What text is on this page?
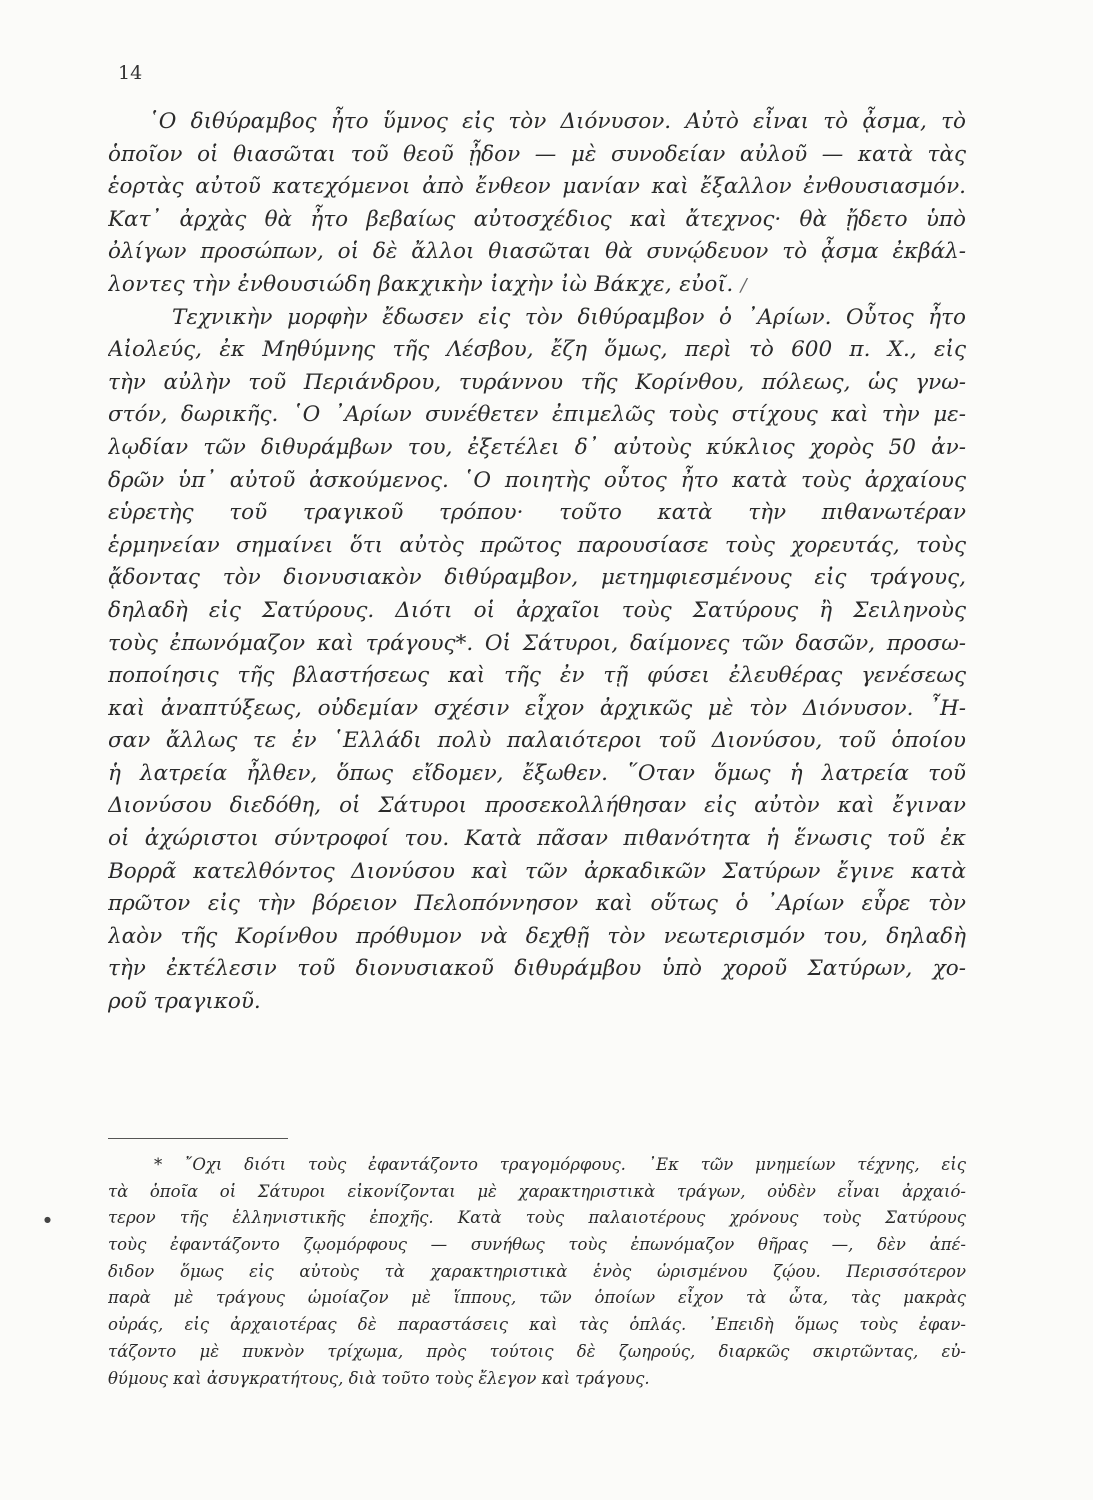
14
῾Ο διθύραμβος ἦτο ὕμνος εἰς τὸν Διόνυσον. Αὐτὸ εἶναι τὸ ᾆσμα, τὸ
ὁποῖον οἱ θιασῶται τοῦ θεοῦ ᾖδον — μὲ συνοδείαν αὐλοῦ — κατὰ τὰς
ἑορτὰς αὐτοῦ κατεχόμενοι ἀπὸ ἔνθεον μανίαν καὶ ἔξαλλον ἐνθουσιασμόν.
Κατ᾿ ἀρχὰς θὰ ἦτο βεβαίως αὐτοσχέδιος καὶ ἄτεχνος· θὰ ᾔδετο ὑπὸ
ὀλίγων προσώπων, οἱ δὲ ἄλλοι θιασῶται θὰ συνῴδευον τὸ ᾆσμα ἐκβάλ-
λοντες τὴν ἐνθουσιώδη βακχικὴν ἰαχὴν ἰὼ Βάκχε, εὐοῖ. /
Τεχνικὴν μορφὴν ἔδωσεν εἰς τὸν διθύραμβον ὁ ᾿Αρίων. Οὗτος ἦτο
Αἰολεύς, ἐκ Μηθύμνης τῆς Λέσβου, ἔζη ὅμως, περὶ τὸ 600 π. Χ., εἰς
τὴν αὐλὴν τοῦ Περιάνδρου, τυράννου τῆς Κορίνθου, πόλεως, ὡς γνω-
στόν, δωρικῆς. ῾Ο ᾿Αρίων συνέθετεν ἐπιμελῶς τοὺς στίχους καὶ τὴν με-
λῳδίαν τῶν διθυράμβων του, ἐξετέλει δ᾿ αὐτοὺς κύκλιος χορὸς 50 ἀν-
δρῶν ὑπ᾿ αὐτοῦ ἀσκούμενος. ῾Ο ποιητὴς οὗτος ἦτο κατὰ τοὺς ἀρχαίους
εὑρετὴς τοῦ τραγικοῦ τρόπου· τοῦτο κατὰ τὴν πιθανωτέραν
ἑρμηνείαν σημαίνει ὅτι αὐτὸς πρῶτος παρουσίασε τοὺς χορευτάς, τοὺς
ᾄδοντας τὸν διονυσιακὸν διθύραμβον, μετημφιεσμένους εἰς τράγους,
δηλαδὴ εἰς Σατύρους. Διότι οἱ ἀρχαῖοι τοὺς Σατύρους ἢ Σειληνοὺς
τοὺς ἐπωνόμαζον καὶ τράγους*. Οἱ Σάτυροι, δαίμονες τῶν δασῶν, προσω-
ποποίησις τῆς βλαστήσεως καὶ τῆς ἐν τῇ φύσει ἐλευθέρας γενέσεως
καὶ ἀναπτύξεως, οὐδεμίαν σχέσιν εἶχον ἀρχικῶς μὲ τὸν Διόνυσον. ῏Η-
σαν ἄλλως τε ἐν ῾Ελλάδι πολὺ παλαιότεροι τοῦ Διονύσου, τοῦ ὁποίου
ἡ λατρεία ἦλθεν, ὅπως εἴδομεν, ἔξωθεν. ῞Οταν ὅμως ἡ λατρεία τοῦ
Διονύσου διεδόθη, οἱ Σάτυροι προσεκολλήθησαν εἰς αὐτὸν καὶ ἔγιναν
οἱ ἀχώριστοι σύντροφοί του. Κατὰ πᾶσαν πιθανότητα ἡ ἕνωσις τοῦ ἐκ
Βορρᾶ κατελθόντος Διονύσου καὶ τῶν ἀρκαδικῶν Σατύρων ἔγινε κατὰ
πρῶτον εἰς τὴν βόρειον Πελοπόννησον καὶ οὕτως ὁ ᾿Αρίων εὗρε τὸν
λαὸν τῆς Κορίνθου πρόθυμον νὰ δεχθῇ τὸν νεωτερισμόν του, δηλαδὴ
τὴν ἐκτέλεσιν τοῦ διονυσιακοῦ διθυράμβου ὑπὸ χοροῦ Σατύρων, χο-
ροῦ τραγικοῦ.
* ῎Οχι διότι τοὺς ἐφαντάζοντο τραγομόρφους. ᾿Εκ τῶν μνημείων τέχνης, εἰς
τὰ ὁποῖα οἱ Σάτυροι εἰκονίζονται μὲ χαρακτηριστικὰ τράγων, οὐδὲν εἶναι ἀρχαιό-
τερον τῆς ἑλληνιστικῆς ἐποχῆς. Κατὰ τοὺς παλαιοτέρους χρόνους τοὺς Σατύρους
τοὺς ἐφαντάζοντο ζῳομόρφους — συνήθως τοὺς ἐπωνόμαζον θῆρας —, δὲν ἀπέ-
διδον ὅμως εἰς αὐτοὺς τὰ χαρακτηριστικὰ ἑνὸς ὡρισμένου ζῴου. Περισσότερον
παρὰ μὲ τράγους ὡμοίαζον μὲ ἵππους, τῶν ὁποίων εἶχον τὰ ὦτα, τὰς μακρὰς
οὐράς, εἰς ἀρχαιοτέρας δὲ παραστάσεις καὶ τὰς ὁπλάς. ᾿Επειδὴ ὅμως τοὺς ἐφαν-
τάζοντο μὲ πυκνὸν τρίχωμα, πρὸς τούτοις δὲ ζωηρούς, διαρκῶς σκιρτῶντας, εὐ-
θύμους καὶ ἀσυγκρατήτους, διὰ τοῦτο τοὺς ἔλεγον καὶ τράγους.
●
